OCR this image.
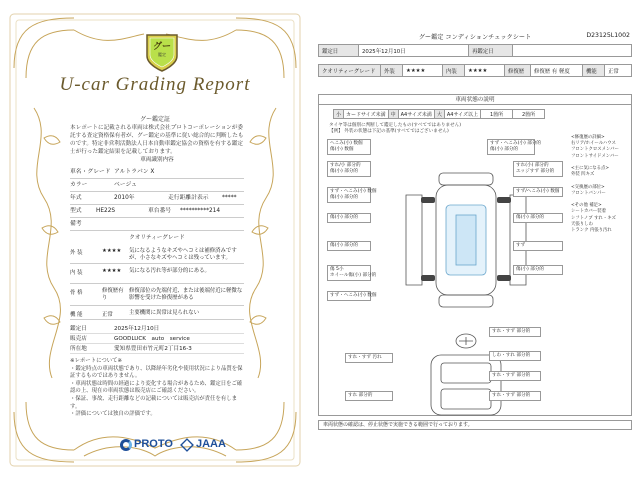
グー
鑑定
U-car Grading Report
グー鑑定証
本レポートに記載される車両は株式会社プロトコーポレーションが委託する査定資格保有者が、グー鑑定の基準に従い総合的に判断したものです。特定非営利活動法人日本自動車鑑定協会の資格を有する鑑定士が行った鑑定結果を記載しております。
車両識別内容
車名・グレード アルトラパン X
カラー	ベージュ
年式	2010年	走行距離計表示 *****
型式 HE22S	車台番号 **********214
備考
クオリティーグレード
外 装	★★★★ 気になるようなキズやヘコミは補修済みですが、小さなキズやヘコミは残っています。
内 装	★★★★ 気になる汚れ等が部分的にある。
骨 格	修復歴有り
修復部位の先端付近、または後端付近に軽微な影響を受けた修復歴がある
機 能	正常	主要機関に異常は見られない
鑑定日	2025年12月10日
販売店	GOODLUCK　auto　service
所在地	愛知県豊田市竹元町2丁目16-3
※レポートについて※
・鑑定時点の車両状態であり、以降経年劣化や使用状況により品質を保証するものではありません。
・車両状態は時間の経過により変化する場合があるため、鑑定日をご確認の上、現在の車両状態は販売店にご確認ください。
・保証、事故、走行距離などの記載については販売店が責任を有します。
・評価については独自の評価です。
PROTO	JAAA
グー鑑定 コンディションチェックシート	D23125L1002
鑑定日	2025年12月10日	再鑑定日	
クオリティーグレード	外装	★★★★	内装	★★★★	修復歴	修復歴 有 軽度	機能	正常
車両状態の説明
小	カードサイズ未満	中	A4サイズ未満	大	A4サイズ以上	1箇所	2箇所
タイヤ等は個別に判断して鑑定したもの(すべてではありません)
【例】 外装の状態は下記の基準(すべてではございません)
へこみ(小) 数個
傷(小) 数個
すれ/小 部分的
傷(小) 部分的
すず・へこみ(小) 数個
傷(小) 部分的
傷(小) 部分的
傷(小) 部分的
傷 5小
ホイール傷(小) 部分的
すず・へこみ(小) 数個
すず・へこみ(小) 部分的
傷(小) 部分的
すれ(小) 部分的
エッジすず 部分的
すず/へこみ(小) 数個
傷(小) 部分的
すず
傷(小) 部分的
すれ・すず 部分的
すれ・すず 汚れ	しわ・すれ 部分的
すれ・すず 部分的
すれ・すず 部分的
すれ 部分的
<修復歴の詳細>
右リア/ホイールハウス
フロントクロスメンバー
フロントサイドメンバー

<主に気になる点>
外装 凹キズ

<交換歴の部位>
フロントバンパー

<その他 補足>
シートカバー装着
シフトノブ すれ・キズ
天張りしわ
トランク 内張り汚れ
車両状態の確認は、停止状態で実施できる範囲で行っております。
